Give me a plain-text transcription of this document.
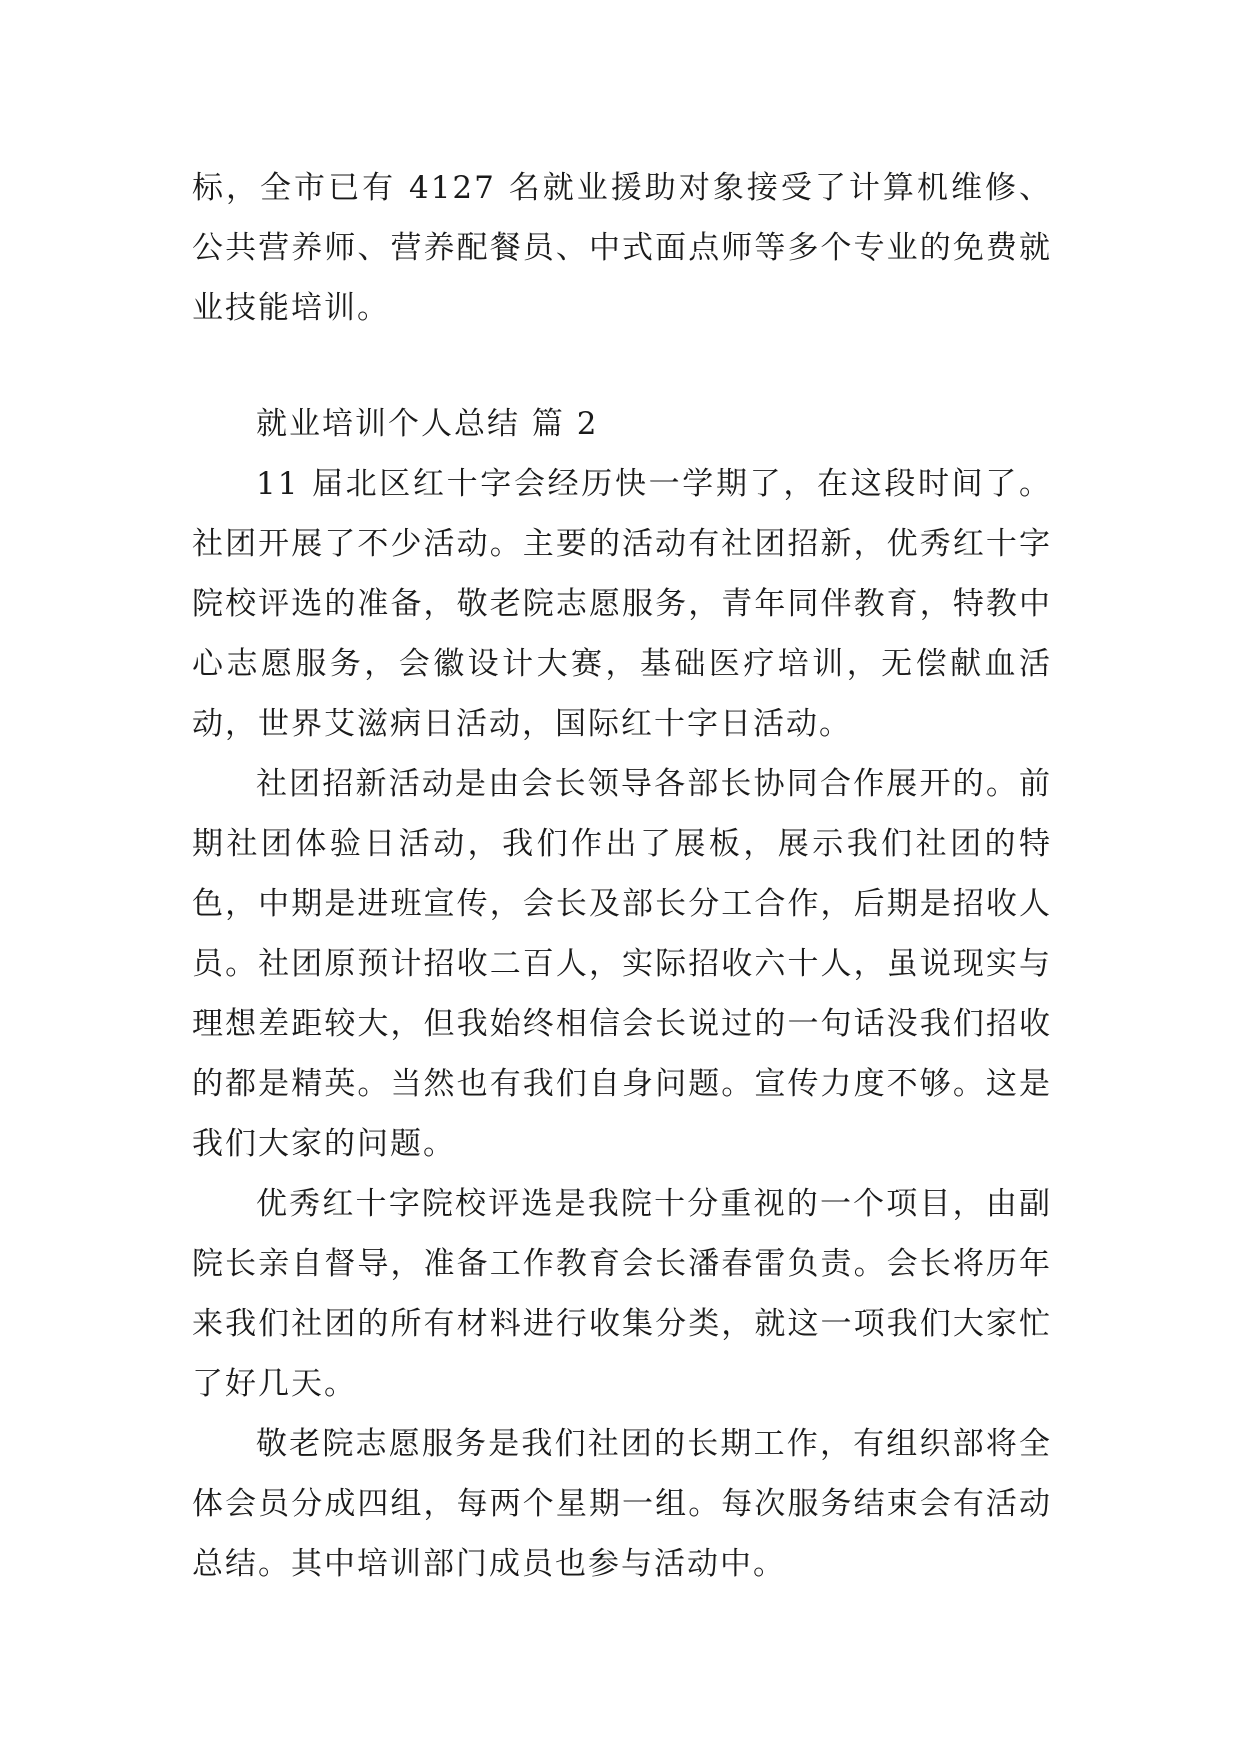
标，全市已有 4127 名就业援助对象接受了计算机维修、公共营养师、营养配餐员、中式面点师等多个专业的免费就业技能培训。

就业培训个人总结 篇 2

11 届北区红十字会经历快一学期了，在这段时间了。社团开展了不少活动。主要的活动有社团招新，优秀红十字院校评选的准备，敬老院志愿服务，青年同伴教育，特教中心志愿服务，会徽设计大赛，基础医疗培训，无偿献血活动，世界艾滋病日活动，国际红十字日活动。

社团招新活动是由会长领导各部长协同合作展开的。前期社团体验日活动，我们作出了展板，展示我们社团的特色，中期是进班宣传，会长及部长分工合作，后期是招收人员。社团原预计招收二百人，实际招收六十人，虽说现实与理想差距较大，但我始终相信会长说过的一句话没我们招收的都是精英。当然也有我们自身问题。宣传力度不够。这是我们大家的问题。

优秀红十字院校评选是我院十分重视的一个项目，由副院长亲自督导，准备工作教育会长潘春雷负责。会长将历年来我们社团的所有材料进行收集分类，就这一项我们大家忙了好几天。

敬老院志愿服务是我们社团的长期工作，有组织部将全体会员分成四组，每两个星期一组。每次服务结束会有活动总结。其中培训部门成员也参与活动中。
